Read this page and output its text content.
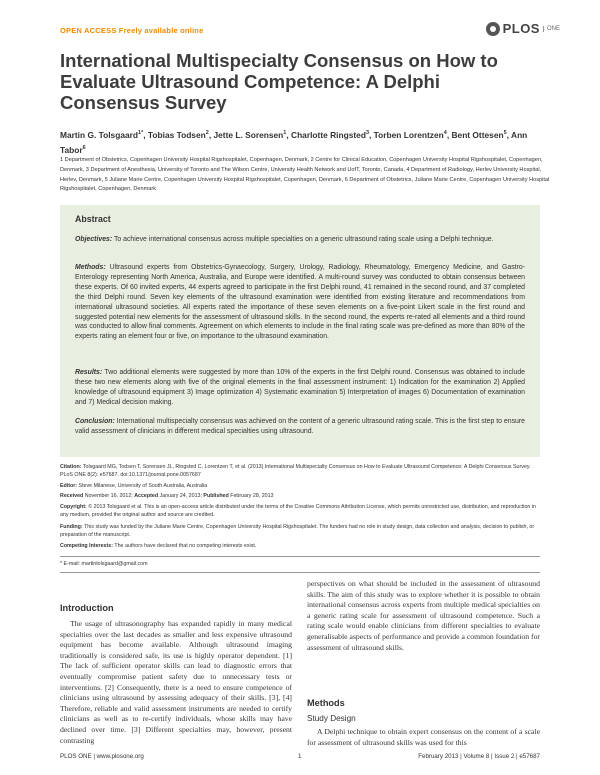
OPEN ACCESS Freely available online	PLOS	ONE
International Multispecialty Consensus on How to Evaluate Ultrasound Competence: A Delphi Consensus Survey
Martin G. Tolsgaard$^{1*}$, Tobias Todsen$^2$, Jette L. Sorensen$^1$, Charlotte Ringsted$^3$, Torben Lorentzen$^4$, Bent Ottesen$^5$, Ann Tabor$^6$
1 Department of Obstetrics, Copenhagen University Hospital Rigshospitalet, Copenhagen, Denmark, 2 Centre for Clinical Education, Copenhagen University Hospital Rigshospitalet, Copenhagen, Denmark, 3 Department of Anesthesia, University of Toronto and The Wilson Centre, University Health Network and UofT, Toronto, Canada, 4 Department of Radiology, Herlev University Hospital, Herlev, Denmark, 5 Juliane Marie Centre, Copenhagen University Hospital Rigshospitalet, Copenhagen, Denmark, 6 Department of Obstetrics, Juliane Marie Centre, Copenhagen University Hospital Rigshospitalet, Copenhagen, Denmark
Abstract
Objectives: To achieve international consensus across multiple specialties on a generic ultrasound rating scale using a Delphi technique.
Methods: Ultrasound experts from Obstetrics-Gynaecology, Surgery, Urology, Radiology, Rheumatology, Emergency Medicine, and Gastro-Enterology representing North America, Australia, and Europe were identified. A multi-round survey was conducted to obtain consensus between these experts. Of 60 invited experts, 44 experts agreed to participate in the first Delphi round, 41 remained in the second round, and 37 completed the third Delphi round. Seven key elements of the ultrasound examination were identified from existing literature and recommendations from international ultrasound societies. All experts rated the importance of these seven elements on a five-point Likert scale in the first round and suggested potential new elements for the assessment of ultrasound skills. In the second round, the experts re-rated all elements and a third round was conducted to allow final comments. Agreement on which elements to include in the final rating scale was pre-defined as more than 80% of the experts rating an element four or five, on importance to the ultrasound examination.
Results: Two additional elements were suggested by more than 10% of the experts in the first Delphi round. Consensus was obtained to include these two new elements along with five of the original elements in the final assessment instrument: 1) Indication for the examination 2) Applied knowledge of ultrasound equipment 3) Image optimization 4) Systematic examination 5) Interpretation of images 6) Documentation of examination and 7) Medical decision making.
Conclusion: International multispecialty consensus was achieved on the content of a generic ultrasound rating scale. This is the first step to ensure valid assessment of clinicians in different medical specialties using ultrasound.
Citation: Tolsgaard MG, Todsen T, Sorensen JL, Ringsted C, Lorentzen T, et al. (2013) International Multispecialty Consensus on How to Evaluate Ultrasound Competence: A Delphi Consensus Survey. PLoS ONE 8(2): e57687. doi:10.1371/journal.pone.0057687
Editor: Steve Milanese, University of South Australia, Australia
Received November 16, 2012; Accepted January 24, 2013; Published February 28, 2013
Copyright: © 2013 Tolsgaard et al. This is an open-access article distributed under the terms of the Creative Commons Attribution License, which permits unrestricted use, distribution, and reproduction in any medium, provided the original author and source are credited.
Funding: This study was funded by the Juliane Marie Centre, Copenhagen University Hospital Rigshospitalet. The funders had no role in study design, data collection and analysis, decision to publish, or preparation of the manuscript.
Competing Interests: The authors have declared that no competing interests exist.
* E-mail: martintolsgaard@gmail.com
Introduction

The usage of ultrasonography has expanded rapidly in many medical specialties over the last decades as smaller and less expensive ultrasound equipment has become available. Although ultrasound imaging traditionally is considered safe, its use is highly operator dependent. [1] The lack of sufficient operator skills can lead to diagnostic errors that eventually compromise patient safety due to unnecessary tests or interventions. [2] Consequently, there is a need to ensure competence of clinicians using ultrasound by assessing adequacy of their skills. [3], [4] Therefore, reliable and valid assessment instruments are needed to certify clinicians as well as to re-certify individuals, whose skills may have declined over time. [3] Different specialties may, however, present contrasting

perspectives on what should be included in the assessment of ultrasound skills. The aim of this study was to explore whether it is possible to obtain international consensus across experts from multiple medical specialties on a generic rating scale for assessment of ultrasound competence. Such a rating scale would enable clinicians from different specialties to evaluate generalisable aspects of performance and provide a common foundation for assessment of ultrasound skills.

Methods
Study Design

A Delphi technique to obtain expert consensus on the content of a scale for assessment of ultrasound skills was used for this

PLOS ONE | www.plosone.org	1	February 2013 | Volume 8 | Issue 2 | e57687
